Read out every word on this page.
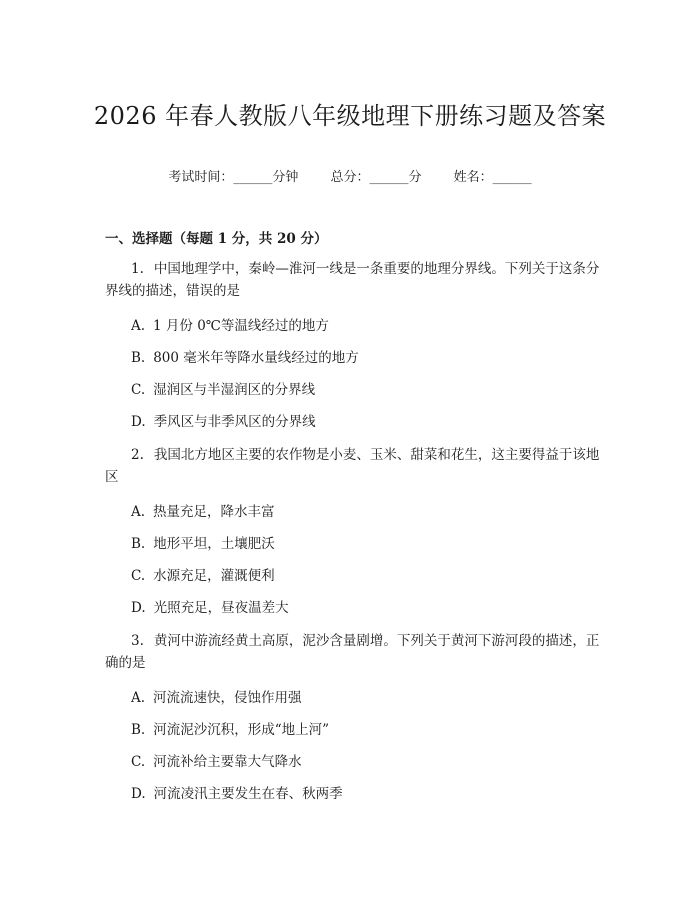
2026 年春人教版八年级地理下册练习题及答案
考试时间：______分钟 总分：______分 姓名：______
一、选择题（每题 1 分，共 20 分）

1. 中国地理学中，秦岭—淮河一线是一条重要的地理分界线。下列关于这条分界线的描述，错误的是

A. 1 月份 0℃等温线经过的地方

B. 800 毫米年等降水量线经过的地方

C. 湿润区与半湿润区的分界线

D. 季风区与非季风区的分界线

2. 我国北方地区主要的农作物是小麦、玉米、甜菜和花生，这主要得益于该地区

A. 热量充足，降水丰富

B. 地形平坦，土壤肥沃

C. 水源充足，灌溉便利

D. 光照充足，昼夜温差大

3. 黄河中游流经黄土高原，泥沙含量剧增。下列关于黄河下游河段的描述，正确的是

A. 河流流速快，侵蚀作用强

B. 河流泥沙沉积，形成“地上河”

C. 河流补给主要靠大气降水

D. 河流凌汛主要发生在春、秋两季
